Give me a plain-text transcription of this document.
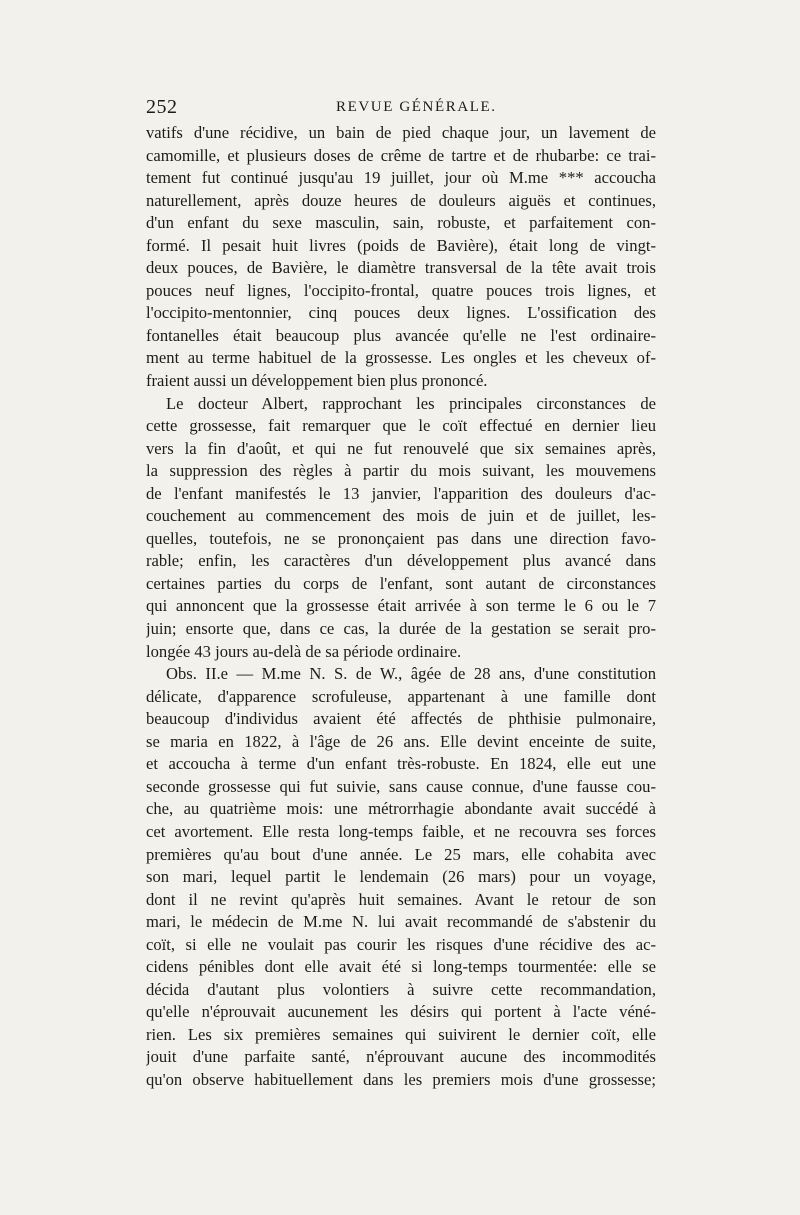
252	REVUE GÉNÉRALE.
vatifs d'une récidive, un bain de pied chaque jour, un lavement de
camomille, et plusieurs doses de crême de tartre et de rhubarbe: ce trai-
tement fut continué jusqu'au 19 juillet, jour où M.me *** accoucha
naturellement, après douze heures de douleurs aiguës et continues,
d'un enfant du sexe masculin, sain, robuste, et parfaitement con-
formé. Il pesait huit livres (poids de Bavière), était long de vingt-
deux pouces, de Bavière, le diamètre transversal de la tête avait trois
pouces neuf lignes, l'occipito-frontal, quatre pouces trois lignes, et
l'occipito-mentonnier, cinq pouces deux lignes. L'ossification des
fontanelles était beaucoup plus avancée qu'elle ne l'est ordinaire-
ment au terme habituel de la grossesse. Les ongles et les cheveux of-
fraient aussi un développement bien plus prononcé.
Le docteur Albert, rapprochant les principales circonstances de
cette grossesse, fait remarquer que le coït effectué en dernier lieu
vers la fin d'août, et qui ne fut renouvelé que six semaines après,
la suppression des règles à partir du mois suivant, les mouvemens
de l'enfant manifestés le 13 janvier, l'apparition des douleurs d'ac-
couchement au commencement des mois de juin et de juillet, les-
quelles, toutefois, ne se prononçaient pas dans une direction favo-
rable; enfin, les caractères d'un développement plus avancé dans
certaines parties du corps de l'enfant, sont autant de circonstances
qui annoncent que la grossesse était arrivée à son terme le 6 ou le 7
juin; ensorte que, dans ce cas, la durée de la gestation se serait pro-
longée 43 jours au-delà de sa période ordinaire.
Obs. II.e — M.me N. S. de W., âgée de 28 ans, d'une constitution
délicate, d'apparence scrofuleuse, appartenant à une famille dont
beaucoup d'individus avaient été affectés de phthisie pulmonaire,
se maria en 1822, à l'âge de 26 ans. Elle devint enceinte de suite,
et accoucha à terme d'un enfant très-robuste. En 1824, elle eut une
seconde grossesse qui fut suivie, sans cause connue, d'une fausse cou-
che, au quatrième mois: une métrorrhagie abondante avait succédé à
cet avortement. Elle resta long-temps faible, et ne recouvra ses forces
premières qu'au bout d'une année. Le 25 mars, elle cohabita avec
son mari, lequel partit le lendemain (26 mars) pour un voyage,
dont il ne revint qu'après huit semaines. Avant le retour de son
mari, le médecin de M.me N. lui avait recommandé de s'abstenir du
coït, si elle ne voulait pas courir les risques d'une récidive des ac-
cidens pénibles dont elle avait été si long-temps tourmentée: elle se
décida d'autant plus volontiers à suivre cette recommandation,
qu'elle n'éprouvait aucunement les désirs qui portent à l'acte véné-
rien. Les six premières semaines qui suivirent le dernier coït, elle
jouit d'une parfaite santé, n'éprouvant aucune des incommodités
qu'on observe habituellement dans les premiers mois d'une grossesse;
